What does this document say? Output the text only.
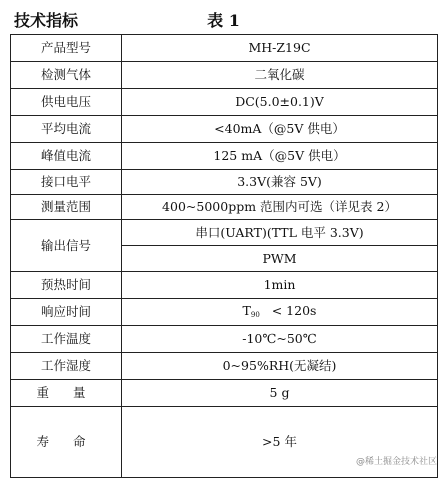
技术指标	表 1
产品型号	MH-Z19C
检测气体	二氧化碳
供电电压	DC(5.0±0.1)V
平均电流	<40mA（@5V 供电）
峰值电流	125 mA（@5V 供电）
接口电平	3.3V(兼容 5V)
测量范围	400~5000ppm 范围内可选（详见表 2）
输出信号	串口(UART)(TTL 电平 3.3V)
	PWM
预热时间	1min
响应时间	$T_{90} < 120s$
工作温度	-10℃~50℃
工作湿度	0~95%RH(无凝结)
重 量	5 g
寿 命	>5 年
@稀土掘金技术社区
